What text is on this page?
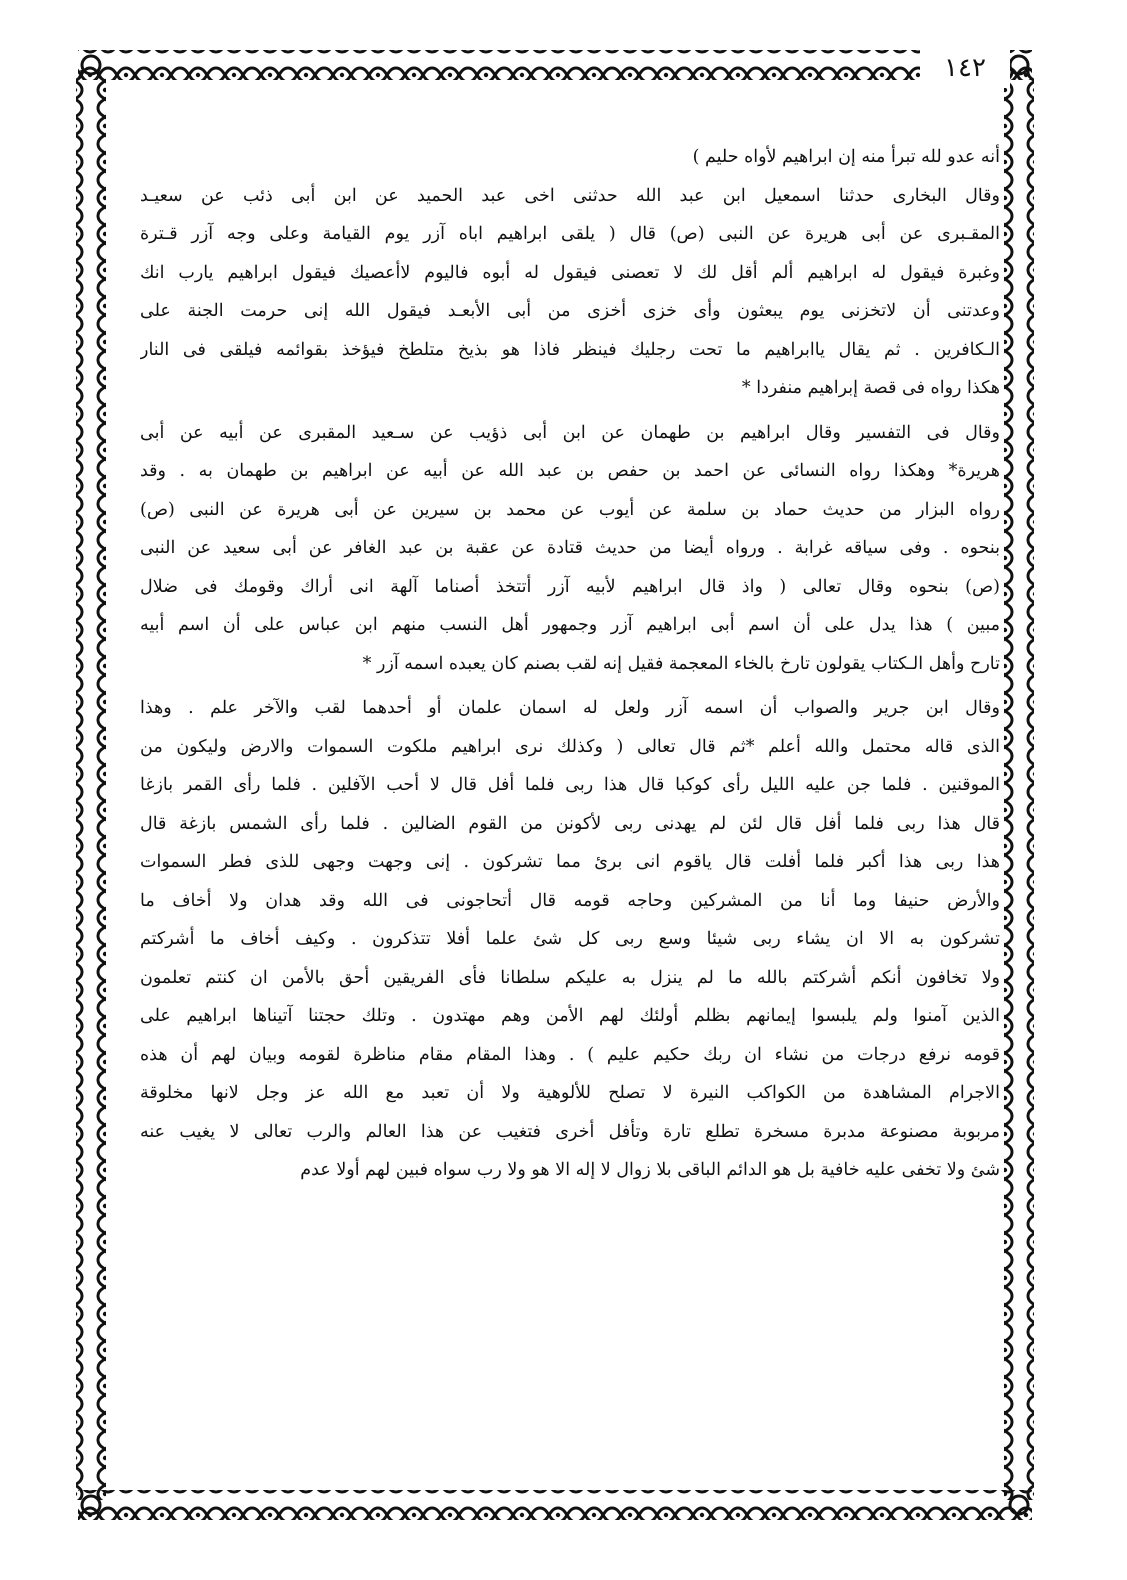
١٤٢
أنه عدو لله تبرأ منه إن ابراهيم لأواه حليم )
وقال البخارى حدثنا اسمعيل ابن عبد الله حدثنى اخى عبد الحميد عن ابن أبى ذئب عن سعيـد
المقـبرى عن أبى هريرة عن النبى (ص) قال ( يلقى ابراهيم اباه آزر يوم القيامة وعلى وجه آزر قـترة
وغبرة فيقول له ابراهيم ألم أقل لك لا تعصنى فيقول له أبوه فاليوم لاأعصيك فيقول ابراهيم يارب انك
وعدتنى أن لاتخزنى يوم يبعثون وأى خزى أخزى من أبى الأبعـد فيقول الله إنى حرمت الجنة على
الـكافرين . ثم يقال ياابراهيم ما تحت رجليك فينظر فاذا هو بذيخ متلطخ فيؤخذ بقوائمه فيلقى فى النار
هكذا رواه فى قصة إبراهيم منفردا *
وقال فى التفسير وقال ابراهيم بن طهمان عن ابن أبى ذؤيب عن سـعيد المقبرى عن أبيه عن أبى
هريرة* وهكذا رواه النسائى عن احمد بن حفص بن عبد الله عن أبيه عن ابراهيم بن طهمان به . وقد
رواه البزار من حديث حماد بن سلمة عن أيوب عن محمد بن سيرين عن أبى هريرة عن النبى (ص)
بنحوه . وفى سياقه غرابة . ورواه أيضا من حديث قتادة عن عقبة بن عبد الغافر عن أبى سعيد عن النبى
(ص) بنحوه وقال تعالى ( واذ قال ابراهيم لأبيه آزر أتتخذ أصناما آلهة انى أراك وقومك فى ضلال
مبين ) هذا يدل على أن اسم أبى ابراهيم آزر وجمهور أهل النسب منهم ابن عباس على أن اسم أبيه
تارح وأهل الـكتاب يقولون تارخ بالخاء المعجمة فقيل إنه لقب بصنم كان يعبده اسمه آزر *
وقال ابن جرير والصواب أن اسمه آزر ولعل له اسمان علمان أو أحدهما لقب والآخر علم . وهذا
الذى قاله محتمل والله أعلم *ثم قال تعالى ( وكذلك نرى ابراهيم ملكوت السموات والارض وليكون من
الموقنين . فلما جن عليه الليل رأى كوكبا قال هذا ربى فلما أفل قال لا أحب الآفلين . فلما رأى القمر بازغا
قال هذا ربى فلما أفل قال لئن لم يهدنى ربى لأكونن من القوم الضالين . فلما رأى الشمس بازغة قال
هذا ربى هذا أكبر فلما أفلت قال ياقوم انى برئ مما تشركون . إنى وجهت وجهى للذى فطر السموات
والأرض حنيفا وما أنا من المشركين وحاجه قومه قال أتحاجونى فى الله وقد هدان ولا أخاف ما
تشركون به الا ان يشاء ربى شيئا وسع ربى كل شئ علما أفلا تتذكرون . وكيف أخاف ما أشركتم
ولا تخافون أنكم أشركتم بالله ما لم ينزل به عليكم سلطانا فأى الفريقين أحق بالأمن ان كنتم تعلمون
الذين آمنوا ولم يلبسوا إيمانهم بظلم أولئك لهم الأمن وهم مهتدون . وتلك حجتنا آتيناها ابراهيم على
قومه نرفع درجات من نشاء ان ربك حكيم عليم ) . وهذا المقام مقام مناظرة لقومه وبيان لهم أن هذه
الاجرام المشاهدة من الكواكب النيرة لا تصلح للألوهية ولا أن تعبد مع الله عز وجل لانها مخلوقة
مربوبة مصنوعة مدبرة مسخرة تطلع تارة وتأفل أخرى فتغيب عن هذا العالم والرب تعالى لا يغيب عنه
شئ ولا تخفى عليه خافية بل هو الدائم الباقى بلا زوال لا إله الا هو ولا رب سواه فبين لهم أولا عدم
